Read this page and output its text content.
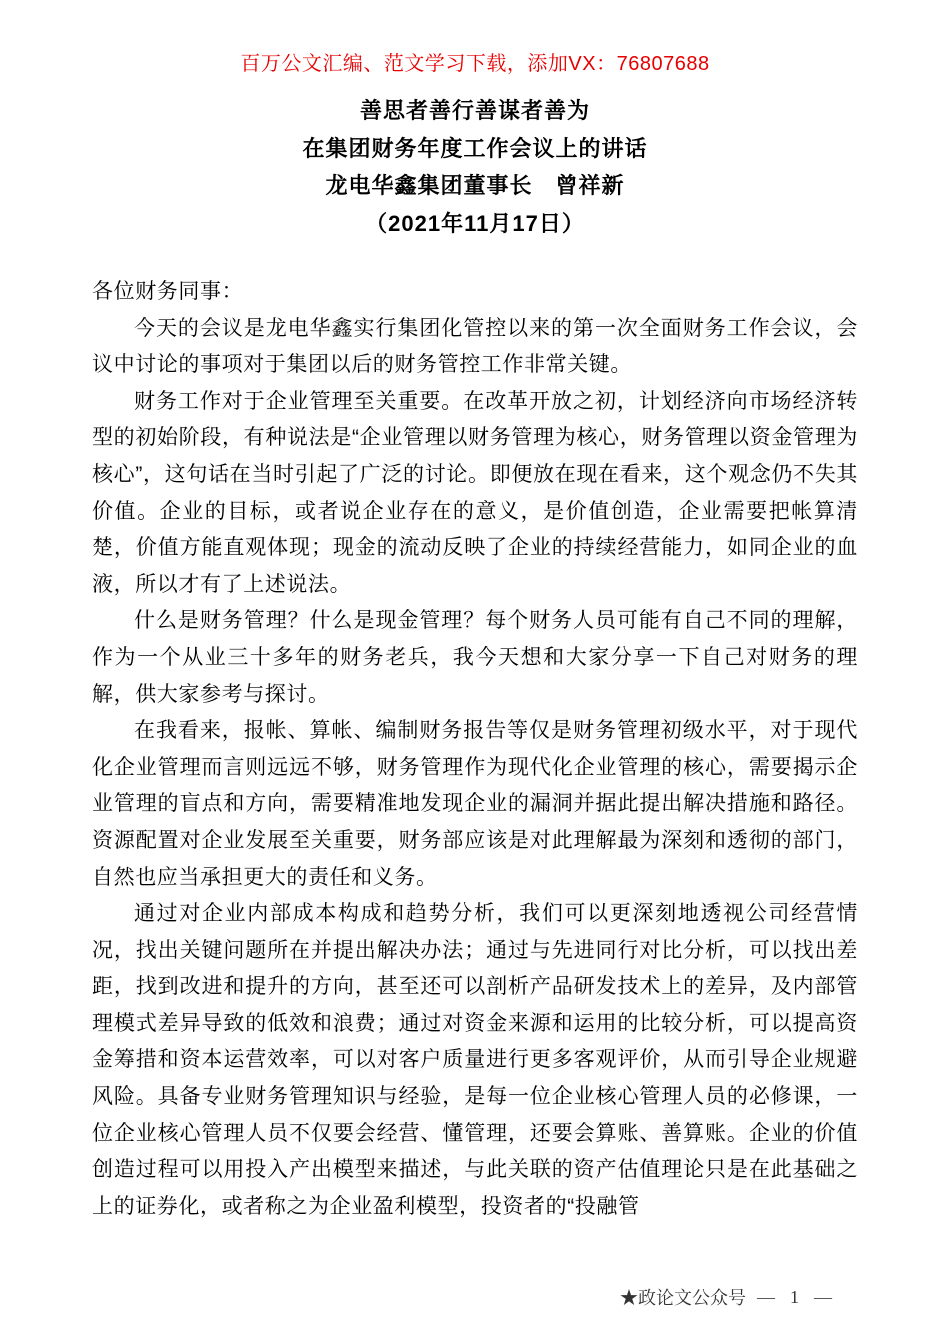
百万公文汇编、范文学习下载，添加VX：76807688
善思者善行善谋者善为
在集团财务年度工作会议上的讲话
龙电华鑫集团董事长　曾祥新
（2021年11月17日）

各位财务同事：

今天的会议是龙电华鑫实行集团化管控以来的第一次全面财务工作会议，会议中讨论的事项对于集团以后的财务管控工作非常关键。

财务工作对于企业管理至关重要。在改革开放之初，计划经济向市场经济转型的初始阶段，有种说法是“企业管理以财务管理为核心，财务管理以资金管理为核心”，这句话在当时引起了广泛的讨论。即便放在现在看来，这个观念仍不失其价值。企业的目标，或者说企业存在的意义，是价值创造，企业需要把帐算清楚，价值方能直观体现；现金的流动反映了企业的持续经营能力，如同企业的血液，所以才有了上述说法。

什么是财务管理？什么是现金管理？每个财务人员可能有自己不同的理解，作为一个从业三十多年的财务老兵，我今天想和大家分享一下自己对财务的理解，供大家参考与探讨。

在我看来，报帐、算帐、编制财务报告等仅是财务管理初级水平，对于现代化企业管理而言则远远不够，财务管理作为现代化企业管理的核心，需要揭示企业管理的盲点和方向，需要精准地发现企业的漏洞并据此提出解决措施和路径。资源配置对企业发展至关重要，财务部应该是对此理解最为深刻和透彻的部门，自然也应当承担更大的责任和义务。

通过对企业内部成本构成和趋势分析，我们可以更深刻地透视公司经营情况，找出关键问题所在并提出解决办法；通过与先进同行对比分析，可以找出差距，找到改进和提升的方向，甚至还可以剖析产品研发技术上的差异，及内部管理模式差异导致的低效和浪费；通过对资金来源和运用的比较分析，可以提高资金筹措和资本运营效率，可以对客户质量进行更多客观评价，从而引导企业规避风险。具备专业财务管理知识与经验，是每一位企业核心管理人员的必修课，一位企业核心管理人员不仅要会经营、懂管理，还要会算账、善算账。企业的价值创造过程可以用投入产出模型来描述，与此关联的资产估值理论只是在此基础之上的证券化，或者称之为企业盈利模型，投资者的“投融管

★政论文公众号 — 1 —
